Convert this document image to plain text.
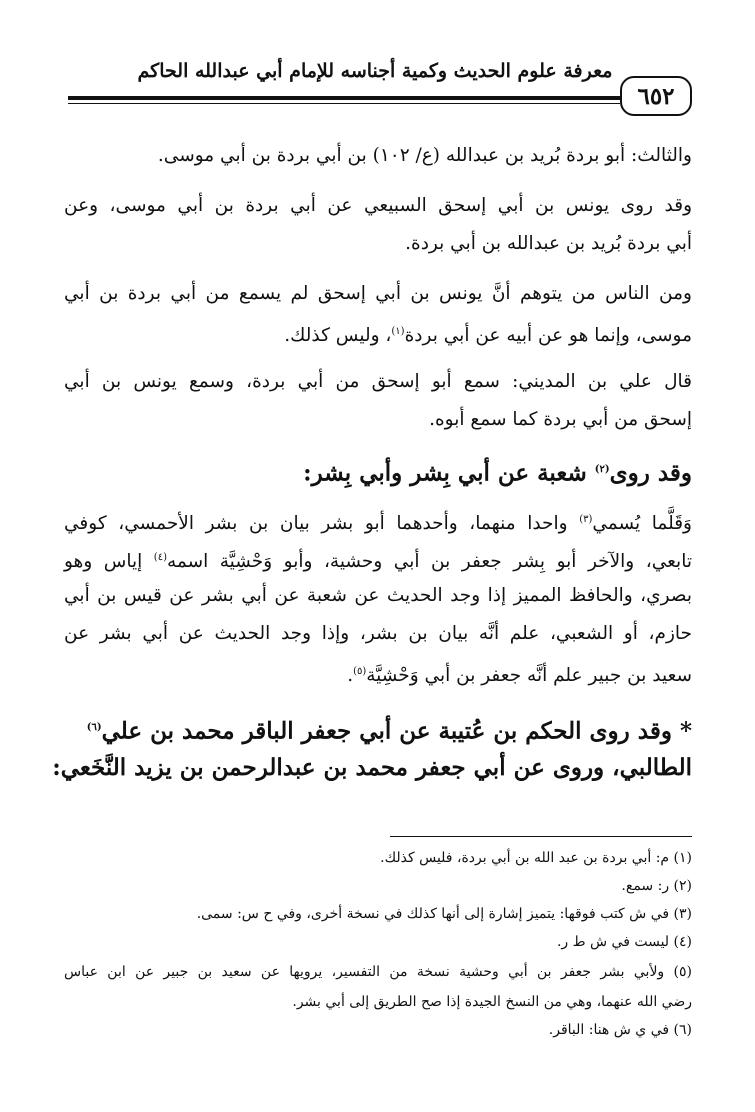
معرفة علوم الحديث وكمية أجناسه للإمام أبي عبدالله الحاكم
٦٥٢
والثالث: أبو بردة بُريد بن عبدالله (ع/ ١٠٢) بن أبي بردة بن أبي موسى.
وقد روى يونس بن أبي إسحق السبيعي عن أبي بردة بن أبي موسى، وعن
أبي بردة بُريد بن عبدالله بن أبي بردة.
ومن الناس من يتوهم أنَّ يونس بن أبي إسحق لم يسمع من أبي بردة بن أبي
موسى، وإنما هو عن أبيه عن أبي بردة$^{(١)}$، وليس كذلك.
قال علي بن المديني: سمع أبو إسحق من أبي بردة، وسمع يونس بن أبي
إسحق من أبي بردة كما سمع أبوه.
وقد روى$^{(٢)}$ شعبة عن أبي بِشر وأبي بِشر:
وَقَلَّما يُسمي$^{(٣)}$ واحدا منهما، وأحدهما أبو بشر بيان بن بشر الأحمسي، كوفي
تابعي، والآخر أبو بِشر جعفر بن أبي وحشية، وأبو وَحْشِيَّة اسمه$^{(٤)}$ إياس وهو
بصري، والحافظ المميز إذا وجد الحديث عن شعبة عن أبي بشر عن قيس بن أبي
حازم، أو الشعبي، علم أنَّه بيان بن بشر، وإذا وجد الحديث عن أبي بشر عن
سعيد بن جبير علم أنَّه جعفر بن أبي وَحْشِيَّة$^{(٥)}$.
* وقد روى الحكم بن عُتيبة عن أبي جعفر الباقر محمد بن علي$^{(٦)}$
الطالبي، وروى عن أبي جعفر محمد بن عبدالرحمن بن يزيد النَّخَعي:
(١) م: أبي بردة بن عبد الله بن أبي بردة، فليس كذلك.
(٢) ر: سمع.
(٣) في ش كتب فوقها: يتميز إشارة إلى أنها كذلك في نسخة أخرى، وفي ح س: سمى.
(٤) ليست في ش ط ر.
(٥) ولأبي بشر جعفر بن أبي وحشية نسخة من التفسير، يرويها عن سعيد بن جبير عن ابن عباس
رضي الله عنهما، وهي من النسخ الجيدة إذا صح الطريق إلى أبي بشر.
(٦) في ي ش هنا: الباقر.
